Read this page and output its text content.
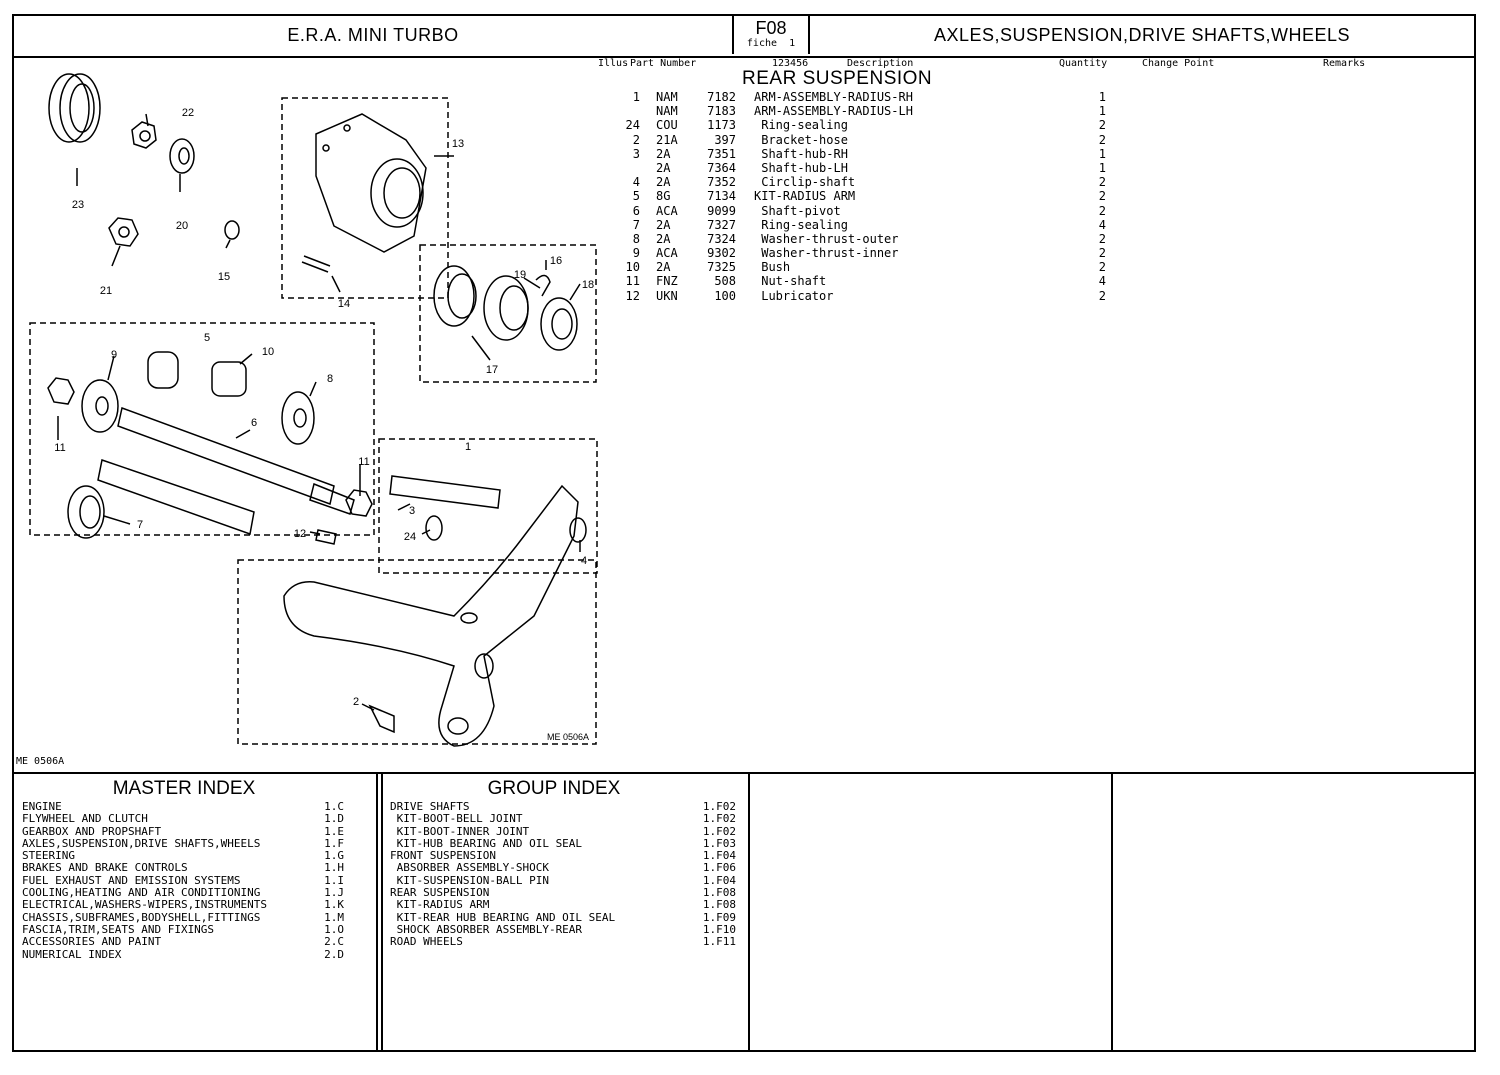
E.R.A. MINI TURBO	F08
fiche 1	AXLES,SUSPENSION,DRIVE SHAFTS,WHEELS
Illus Part Number	123456	Description	Quantity	Change Point	Remarks
REAR SUSPENSION
1 NAM	7182 ARM-ASSEMBLY-RADIUS-RH	1
NAM	7183 ARM-ASSEMBLY-RADIUS-LH	1
24 COU	1173 Ring-sealing	2
2 21A	397 Bracket-hose	2
3 2A	7351 Shaft-hub-RH	1
2A	7364 Shaft-hub-LH	1
4 2A	7352 Circlip-shaft	2
5 8G	7134 KIT-RADIUS ARM	2
6 ACA	9099 Shaft-pivot	2
7 2A	7327 Ring-sealing	4
8 2A	7324 Washer-thrust-outer	2
9 ACA	9302 Washer-thrust-inner	2
10 2A	7325 Bush	2
11 FNZ	508 Nut-shaft	4
12 UKN	100 Lubricator	2
1
2
3
4
5
6
7
8
9	10
11
11
12
13
14
15
16
17
18
19
20
21
22
23
24
ME 0506A
ME 0506A
MASTER INDEX
ENGINE	1.C
FLYWHEEL AND CLUTCH	1.D
GEARBOX AND PROPSHAFT	1.E
AXLES,SUSPENSION,DRIVE SHAFTS,WHEELS	1.F
STEERING	1.G
BRAKES AND BRAKE CONTROLS	1.H
FUEL EXHAUST AND EMISSION SYSTEMS	1.I
COOLING,HEATING AND AIR CONDITIONING	1.J
ELECTRICAL,WASHERS-WIPERS,INSTRUMENTS	1.K
CHASSIS,SUBFRAMES,BODYSHELL,FITTINGS	1.M
FASCIA,TRIM,SEATS AND FIXINGS	1.O
ACCESSORIES AND PAINT	2.C
NUMERICAL INDEX	2.D
GROUP INDEX
DRIVE SHAFTS	1.F02
KIT-BOOT-BELL JOINT	1.F02
KIT-BOOT-INNER JOINT	1.F02
KIT-HUB BEARING AND OIL SEAL	1.F03
FRONT SUSPENSION	1.F04
ABSORBER ASSEMBLY-SHOCK	1.F06
KIT-SUSPENSION-BALL PIN	1.F04
REAR SUSPENSION	1.F08
KIT-RADIUS ARM	1.F08
KIT-REAR HUB BEARING AND OIL SEAL	1.F09
SHOCK ABSORBER ASSEMBLY-REAR	1.F10
ROAD WHEELS	1.F11
